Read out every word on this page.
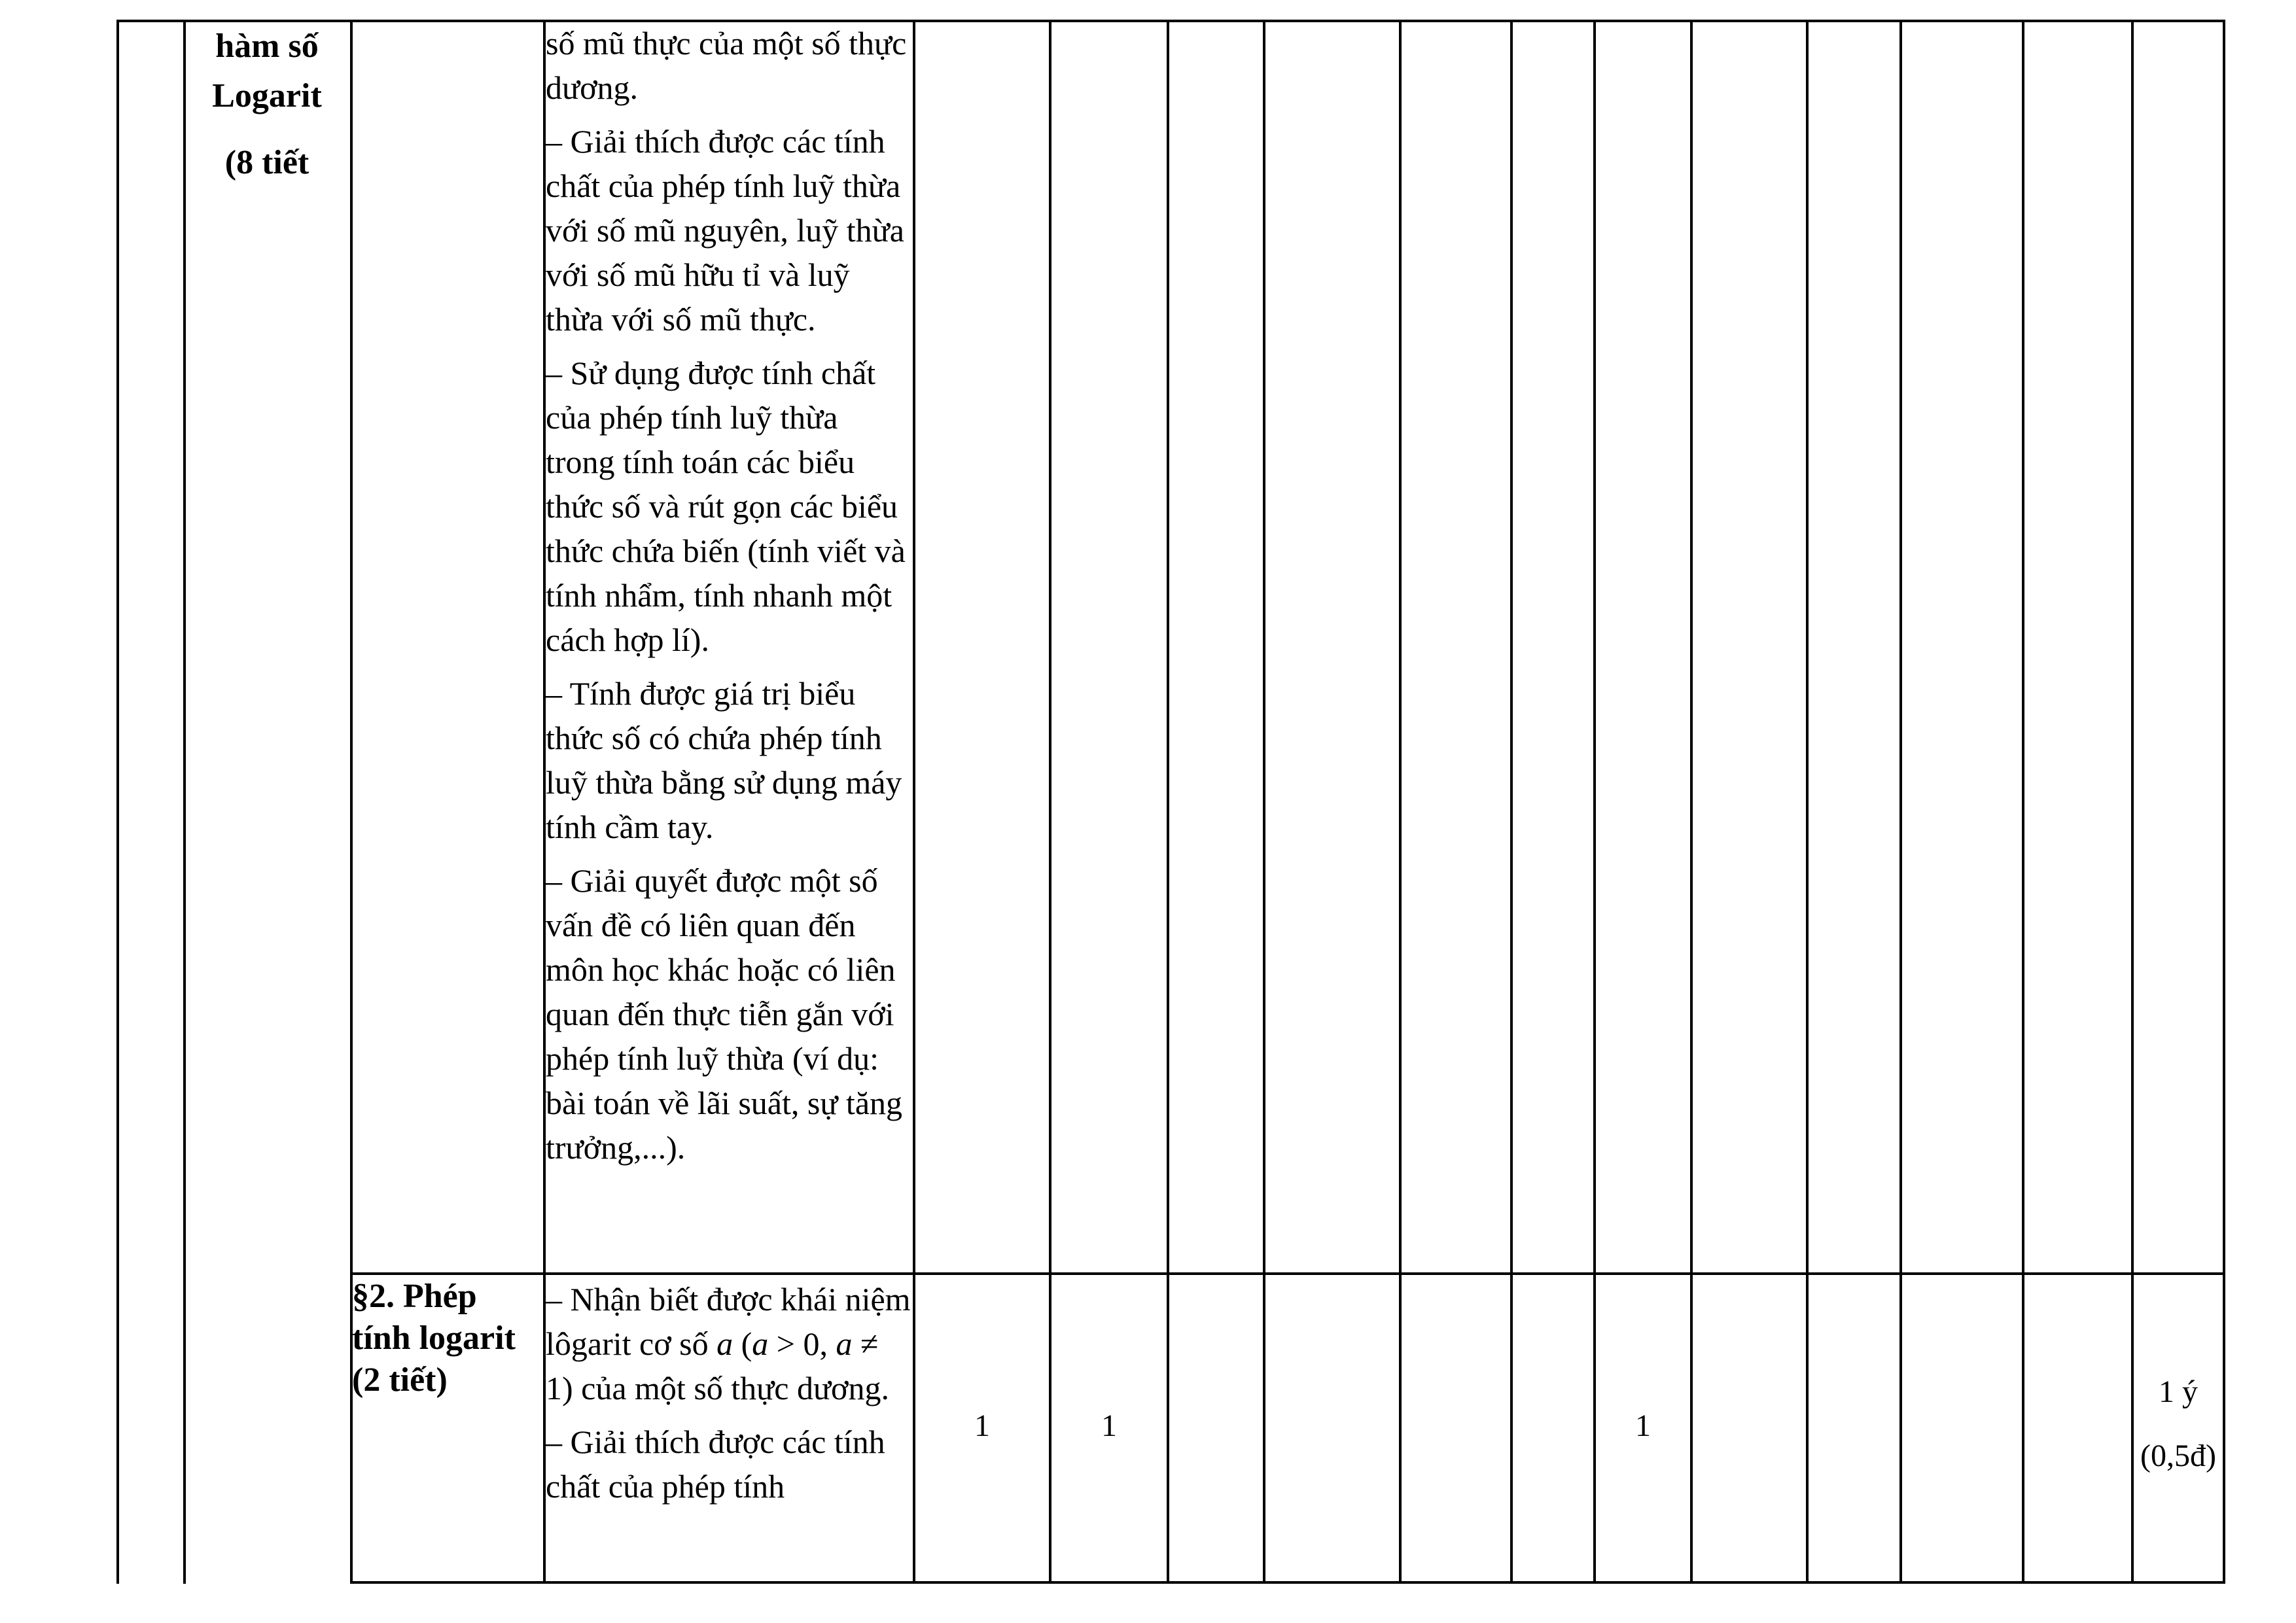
hàm số
Logarit
(8 tiết

số mũ thực của một số thực dương.

– Giải thích được các tính chất của phép tính luỹ thừa với số mũ nguyên, luỹ thừa với số mũ hữu tỉ và luỹ thừa với số mũ thực.

– Sử dụng được tính chất của phép tính luỹ thừa trong tính toán các biểu thức số và rút gọn các biểu thức chứa biến (tính viết và tính nhẩm, tính nhanh một cách hợp lí).

– Tính được giá trị biểu thức số có chứa phép tính luỹ thừa bằng sử dụng máy tính cầm tay.

– Giải quyết được một số vấn đề có liên quan đến môn học khác hoặc có liên quan đến thực tiễn gắn với phép tính luỹ thừa (ví dụ: bài toán về lãi suất, sự tăng trưởng,...).

§2. Phép
tính logarit
(2 tiết)

– Nhận biết được khái niệm lôgarit cơ số a (a > 0, a ≠ 1) của một số thực dương.

– Giải thích được các tính chất của phép tính

1	1	1
1 ý
(0,5đ)
